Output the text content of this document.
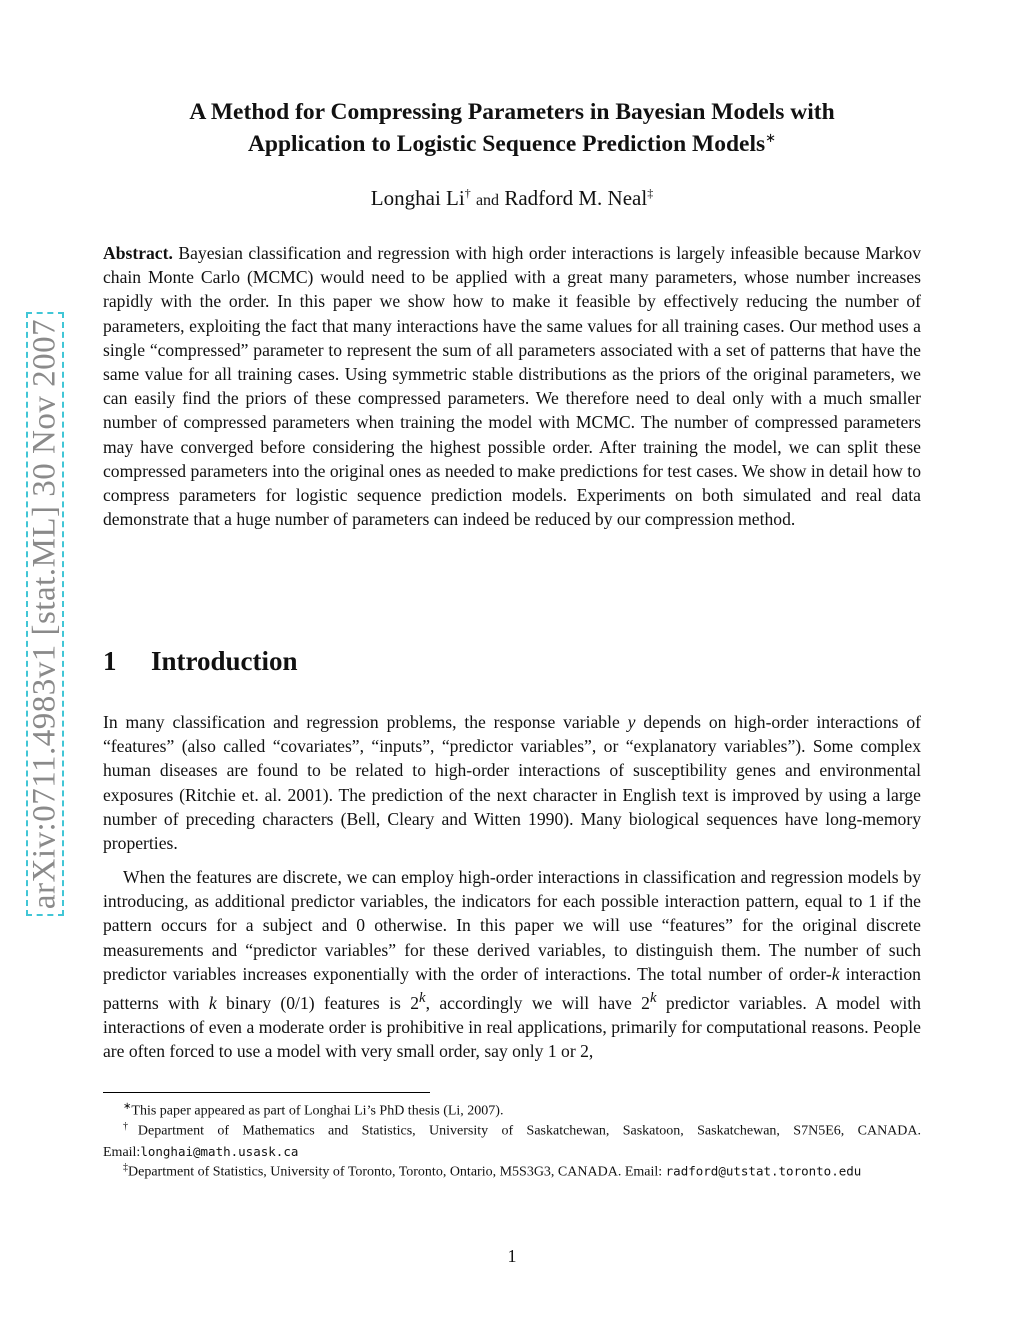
arXiv:0711.4983v1 [stat.ML] 30 Nov 2007
A Method for Compressing Parameters in Bayesian Models with
Application to Logistic Sequence Prediction Models∗
Longhai Li† and Radford M. Neal‡

Abstract. Bayesian classification and regression with high order interactions is largely infeasible because Markov chain Monte Carlo (MCMC) would need to be applied with a great many parameters, whose number increases rapidly with the order. In this paper we show how to make it feasible by effectively reducing the number of parameters, exploiting the fact that many interactions have the same values for all training cases. Our method uses a single “compressed” parameter to represent the sum of all parameters associated with a set of patterns that have the same value for all training cases. Using symmetric stable distributions as the priors of the original parameters, we can easily find the priors of these compressed parameters. We therefore need to deal only with a much smaller number of compressed parameters when training the model with MCMC. The number of compressed parameters may have converged before considering the highest possible order. After training the model, we can split these compressed parameters into the original ones as needed to make predictions for test cases. We show in detail how to compress parameters for logistic sequence prediction models. Experiments on both simulated and real data demonstrate that a huge number of parameters can indeed be reduced by our compression method.

1 Introduction

In many classification and regression problems, the response variable y depends on high-order interactions of “features” (also called “covariates”, “inputs”, “predictor variables”, or “explanatory variables”). Some complex human diseases are found to be related to high-order interactions of susceptibility genes and environmental exposures (Ritchie et. al. 2001). The prediction of the next character in English text is improved by using a large number of preceding characters (Bell, Cleary and Witten 1990). Many biological sequences have long-memory properties.

When the features are discrete, we can employ high-order interactions in classification and regression models by introducing, as additional predictor variables, the indicators for each possible interaction pattern, equal to 1 if the pattern occurs for a subject and 0 otherwise. In this paper we will use “features” for the original discrete measurements and “predictor variables” for these derived variables, to distinguish them. The number of such predictor variables increases exponentially with the order of interactions. The total number of order-k interaction patterns with k binary (0/1) features is 2$^k$, accordingly we will have 2$^k$ predictor variables. A model with interactions of even a moderate order is prohibitive in real applications, primarily for computational reasons. People are often forced to use a model with very small order, say only 1 or 2,

∗This paper appeared as part of Longhai Li’s PhD thesis (Li, 2007).

†Department of Mathematics and Statistics, University of Saskatchewan, Saskatoon, Saskatchewan, S7N5E6, CANADA. Email:longhai@math.usask.ca

‡Department of Statistics, University of Toronto, Toronto, Ontario, M5S3G3, CANADA. Email: radford@utstat.toronto.edu

1
